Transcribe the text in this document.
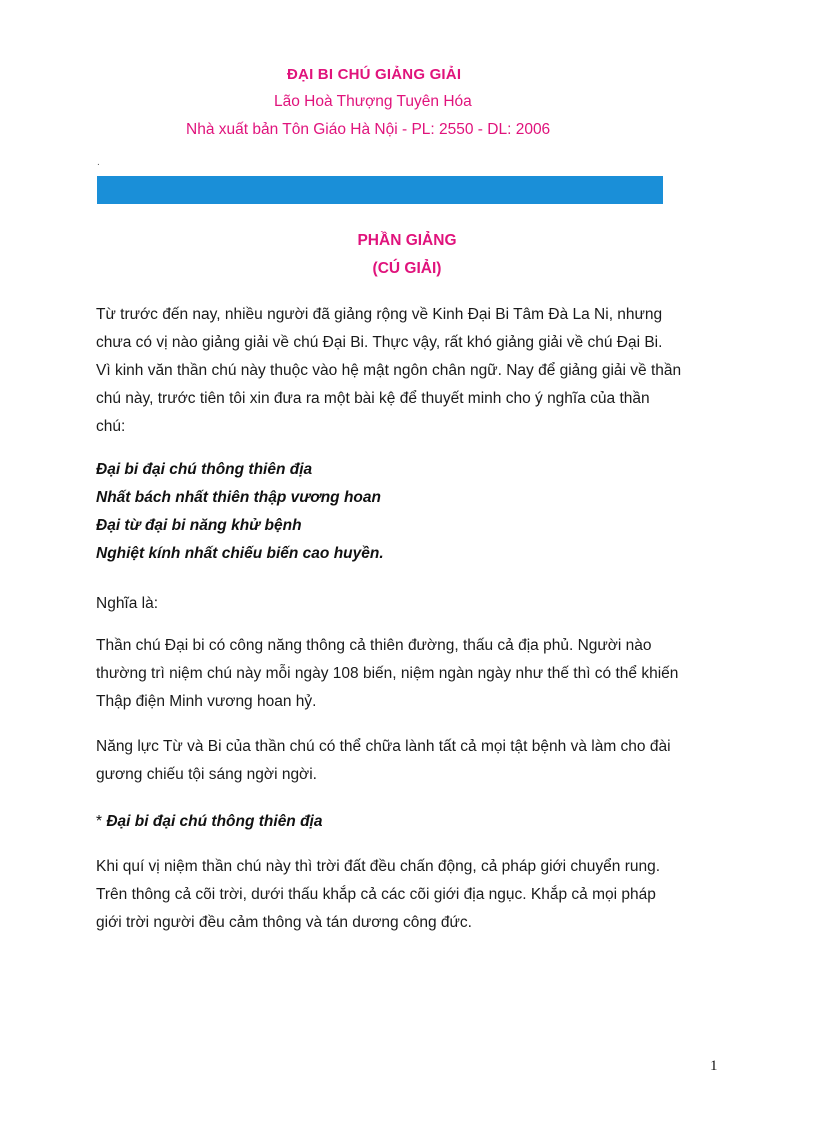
ĐẠI BI CHÚ GIẢNG GIẢI
Lão Hoà Thượng Tuyên Hóa
Nhà xuất bản Tôn Giáo Hà Nội - PL: 2550 - DL: 2006
.
PHẦN GIẢNG
(CÚ GIẢI)
Từ trước đến nay, nhiều người đã giảng rộng về Kinh Đại Bi Tâm Đà La Ni, nhưng
chưa có vị nào giảng giải về chú Đại Bi. Thực vậy, rất khó giảng giải về chú Đại Bi.
Vì kinh văn thần chú này thuộc vào hệ mật ngôn chân ngữ. Nay để giảng giải về thần
chú này, trước tiên tôi xin đưa ra một bài kệ để thuyết minh cho ý nghĩa của thần
chú:
Đại bi đại chú thông thiên địa
Nhất bách nhất thiên thập vương hoan
Đại từ đại bi năng khử bệnh
Nghiệt kính nhất chiếu biến cao huyền.
Nghĩa là:
Thần chú Đại bi có công năng thông cả thiên đường, thấu cả địa phủ. Người nào
thường trì niệm chú này mỗi ngày 108 biến, niệm ngàn ngày như thế thì có thể khiến
Thập điện Minh vương hoan hỷ.
Năng lực Từ và Bi của thần chú có thể chữa lành tất cả mọi tật bệnh và làm cho đài
gương chiếu tội sáng ngời ngời.
* Đại bi đại chú thông thiên địa
Khi quí vị niệm thần chú này thì trời đất đều chấn động, cả pháp giới chuyển rung.
Trên thông cả cõi trời, dưới thấu khắp cả các cõi giới địa ngục. Khắp cả mọi pháp
giới trời người đều cảm thông và tán dương công đức.
1
